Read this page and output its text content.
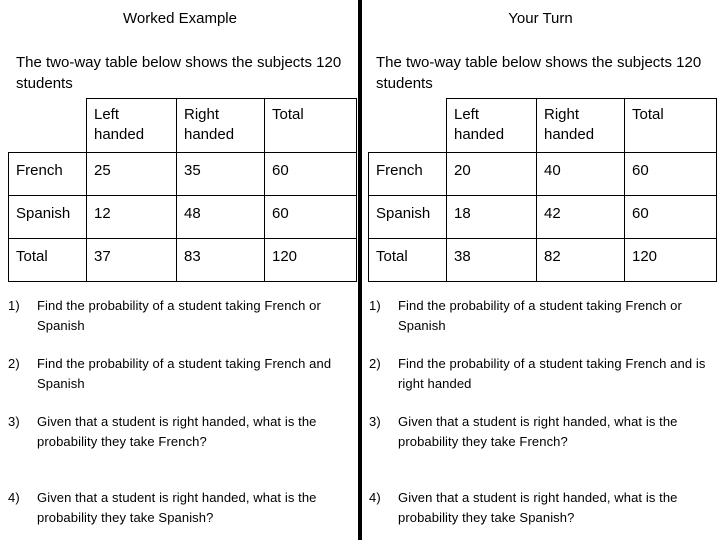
Worked Example
The two-way table below shows the subjects 120 students
	Left handed	Right handed	Total
French	25	35	60
Spanish	12	48	60
Total	37	83	120
1) Find the probability of a student taking French or Spanish
2) Find the probability of a student taking French and Spanish
3) Given that a student is right handed, what is the probability they take French?
4) Given that a student is right handed, what is the probability they take Spanish?
Your Turn
The two-way table below shows the subjects 120 students
	Left handed	Right handed	Total
French	20	40	60
Spanish	18	42	60
Total	38	82	120
1) Find the probability of a student taking French or Spanish
2) Find the probability of a student taking French and is right handed
3) Given that a student is right handed, what is the probability they take French?
4) Given that a student is right handed, what is the probability they take Spanish?
